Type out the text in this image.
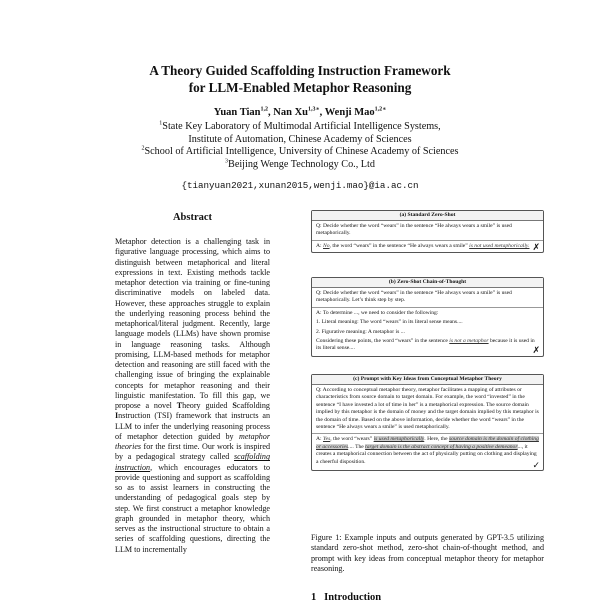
A Theory Guided Scaffolding Instruction Framework
for LLM-Enabled Metaphor Reasoning
Yuan Tian$^{1,2}$, Nan $Xu^{1,3∗}$, Wenji Mao$^{1,2∗}$
$^1$State Key Laboratory of Multimodal Artificial Intelligence Systems,
Institute of Automation, Chinese Academy of Sciences
$^2$School of Artificial Intelligence, University of Chinese Academy of Sciences
$^3$Beijing Wenge Technology Co., Ltd
{tianyuan2021,xunan2015,wenji.mao}@ia.ac.cn
Abstract
Metaphor detection is a challenging task in figurative language processing, which aims to distinguish between metaphorical and literal expressions in text. Existing methods tackle metaphor detection via training or fine-tuning discriminative models on labeled data. However, these approaches struggle to explain the underlying reasoning process behind the metaphorical/literal judgment. Recently, large language models (LLMs) have shown promise in language reasoning tasks. Although promising, LLM-based methods for metaphor detection and reasoning are still faced with the challenging issue of bringing the explainable concepts for metaphor reasoning and their linguistic manifestation. To fill this gap, we propose a novel Theory guided Scaffolding Instruction (TSI) framework that instructs an LLM to infer the underlying reasoning process of metaphor detection guided by metaphor theories for the first time. Our work is inspired by a pedagogical strategy called scaffolding instruction, which encourages educators to provide questioning and support as scaffolding so as to assist learners in constructing the understanding of pedagogical goals step by step. We first construct a metaphor knowledge graph grounded in metaphor theory, which serves as the instructional structure to obtain a series of scaffolding questions, directing the LLM to incrementally
(a) Standard Zero-Shot
Q: Decide whether the word “wears” in the sentence “He always wears a smile” is used metaphorically.
A: No, the word “wears” in the sentence “He always wears a smile” is not used metaphorically. ✗
(b) Zero-Shot Chain-of-Thought
Q: Decide whether the word “wears” in the sentence “He always wears a smile” is used metaphorically. Let’s think step by step.
A: To determine ..., we need to consider the following:
1. Literal meaning: The word “wears” in its literal sense means....
2. Figurative meaning: A metaphor is ...
Considering these points, the word “wears” in the sentence is not a metaphor because it is used in its literal sense....	✗
(c) Prompt with Key Ideas from Conceptual Metaphor Theory
Q: According to conceptual metaphor theory, metaphor facilitates a mapping of attributes or characteristics from source domain to target domain. For example, the word “invested” in the sentence “I have invested a lot of time in her” is a metaphorical expression. The source domain implied by this metaphor is the domain of money and the target domain implied by this metaphor is the domain of time. Based on the above information, decide whether the word “wears” in the sentence “He always wears a smile” is used metaphorically.
A: Yes, the word “wears” is used metaphorically. Here, the source domain is the domain of clothing or accessories.... The target domain is the abstract concept of having a positive demeanor..., it creates a metaphorical connection between the act of physically putting on clothing and displaying a cheerful disposition.	✓
Figure 1: Example inputs and outputs generated by GPT-3.5 utilizing standard zero-shot method, zero-shot chain-of-thought method, and prompt with key ideas from conceptual metaphor theory for metaphor reasoning.
1 Introduction
